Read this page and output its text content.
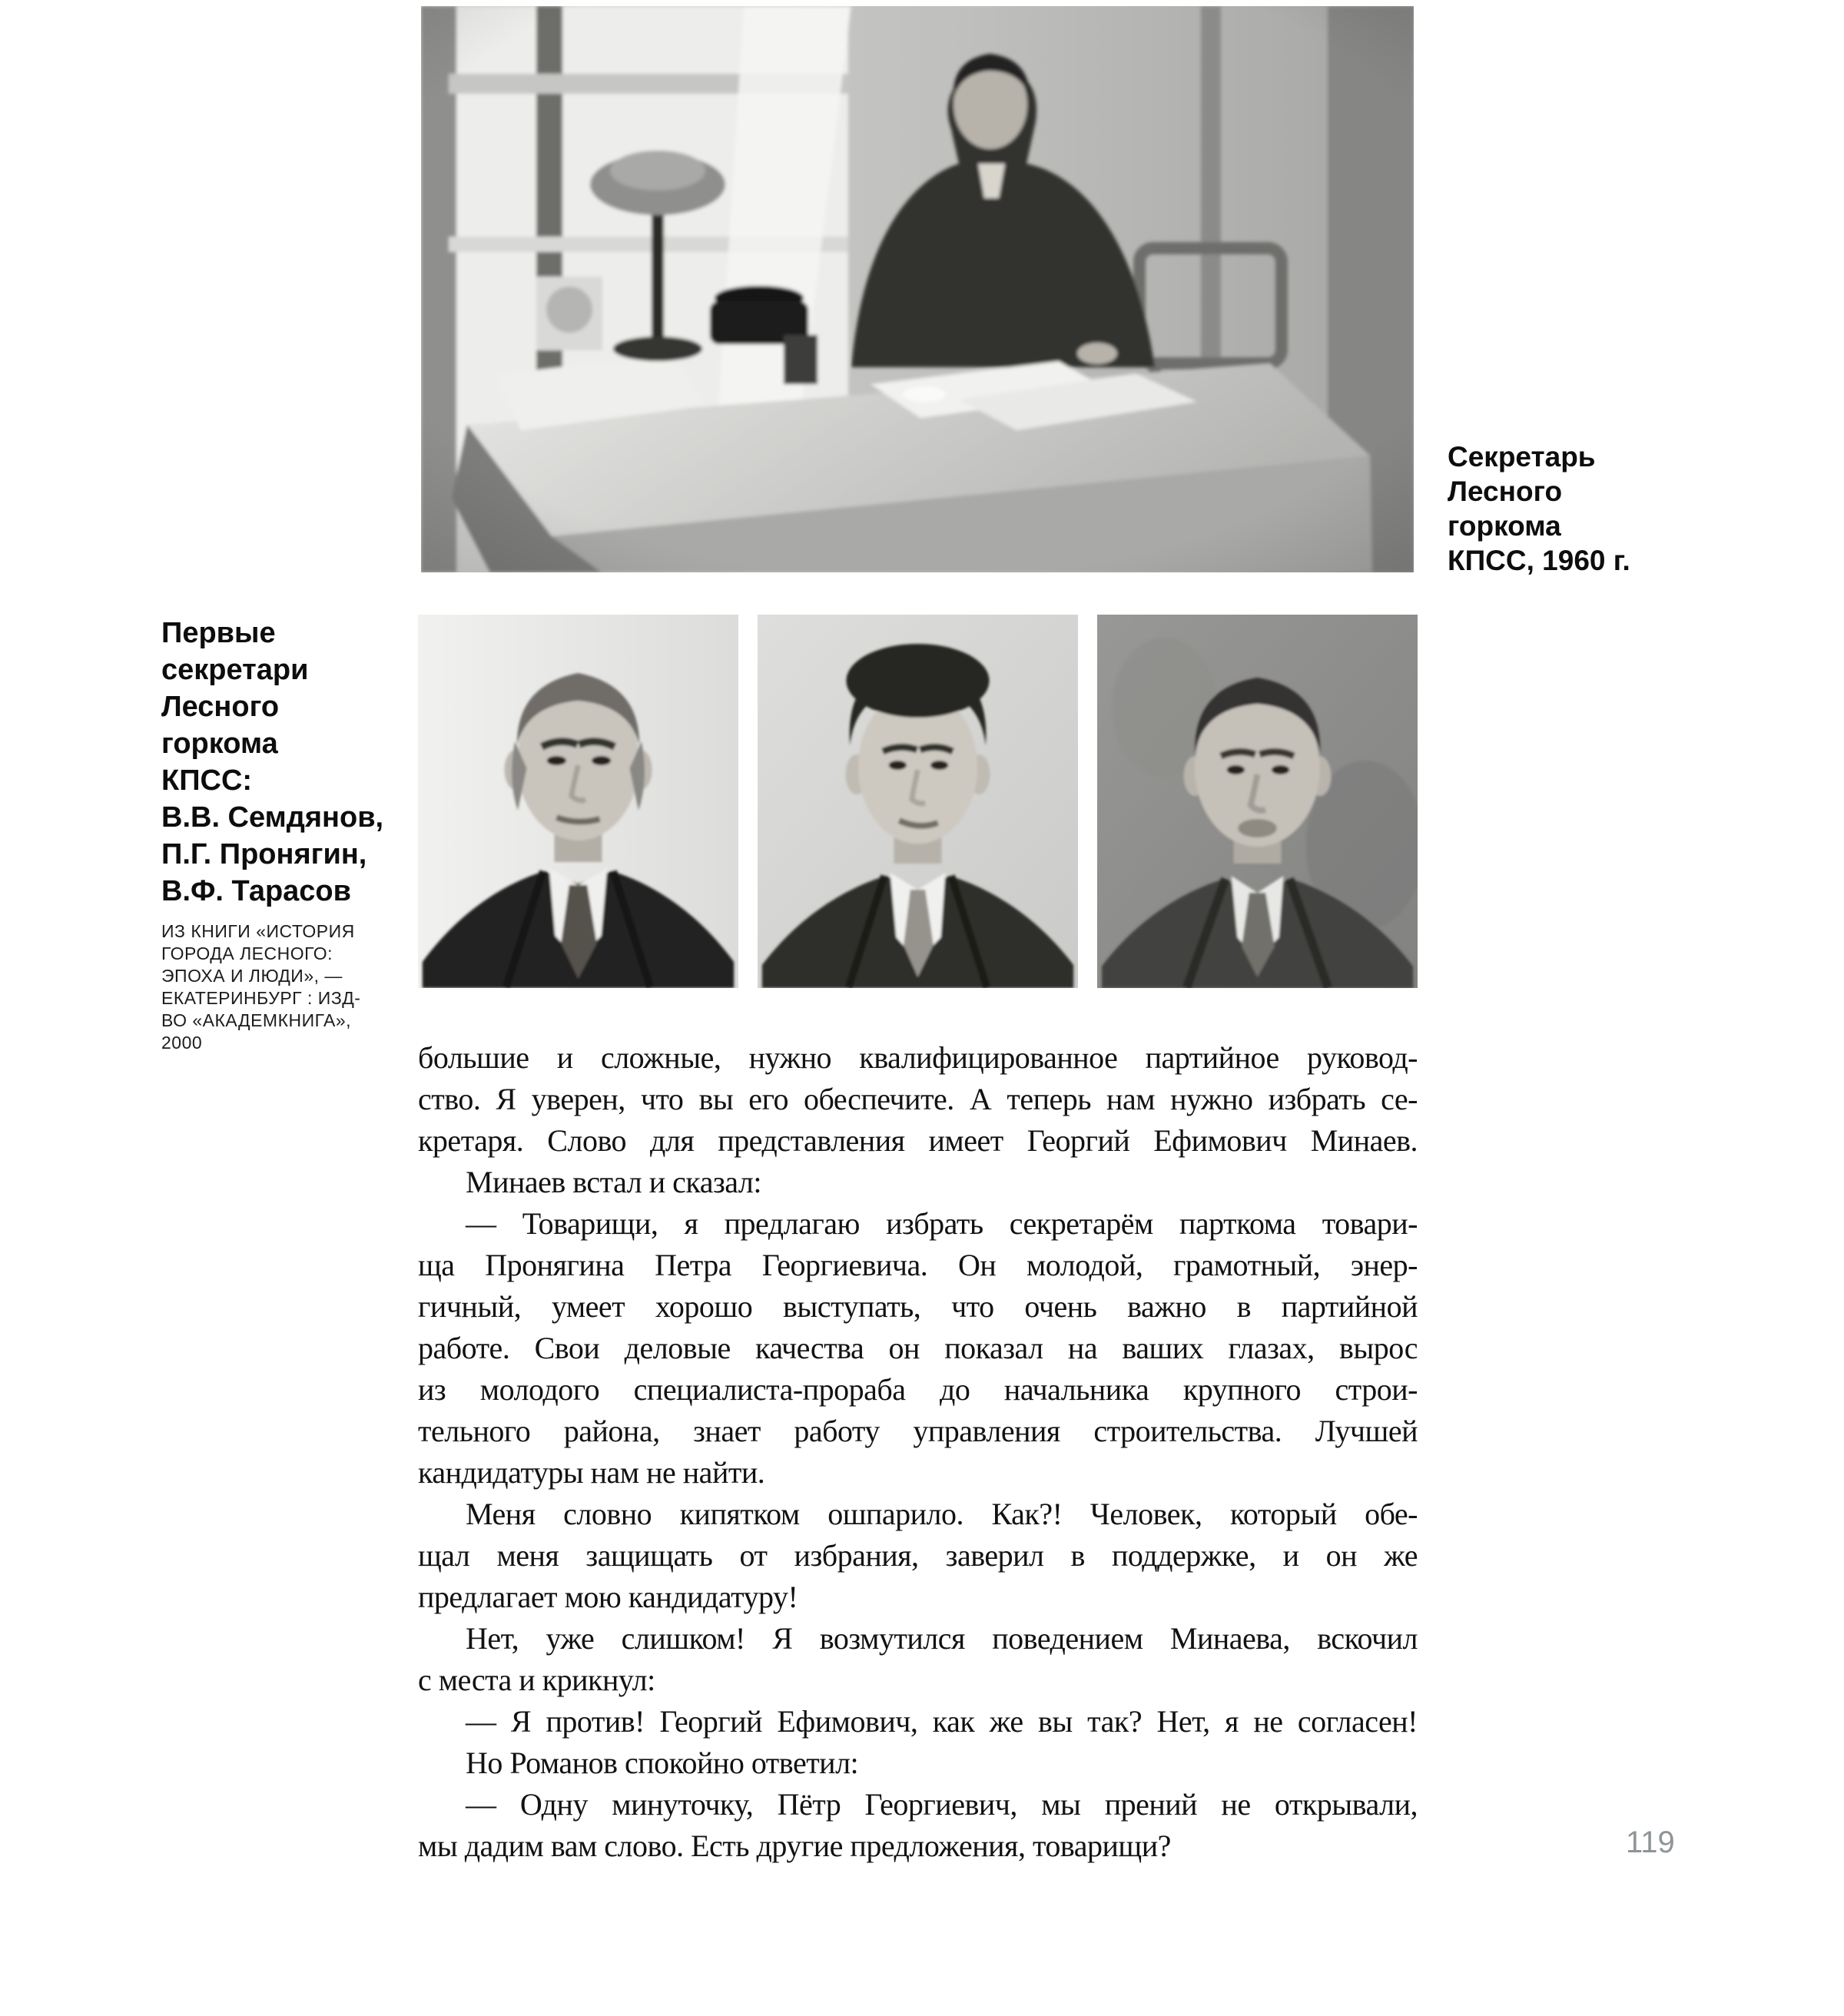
Секретарь
Лесного
горкома
КПСС, 1960 г.
Первые
секретари
Лесного
горкома
КПСС:
В.В. Семдянов,
П.Г. Пронягин,
В.Ф. Тарасов
ИЗ КНИГИ «ИСТОРИЯ
ГОРОДА ЛЕСНОГО:
ЭПОХА И ЛЮДИ», —
ЕКАТЕРИНБУРГ : ИЗД-
ВО «АКАДЕМКНИГА»,
2000	большие и сложные, нужно квалифицированное партийное руковод-
ство. Я уверен, что вы его обеспечите. А теперь нам нужно избрать се-
кретаря. Слово для представления имеет Георгий Ефимович Минаев.
Минаев встал и сказал:
— Товарищи, я предлагаю избрать секретарём парткома товари-
ща Пронягина Петра Георгиевича. Он молодой, грамотный, энер-
гичный, умеет хорошо выступать, что очень важно в партийной
работе. Свои деловые качества он показал на ваших глазах, вырос
из молодого специалиста-прораба до начальника крупного строи-
тельного района, знает работу управления строительства. Лучшей
кандидатуры нам не найти.
Меня словно кипятком ошпарило. Как?! Человек, который обе-
щал меня защищать от избрания, заверил в поддержке, и он же
предлагает мою кандидатуру!
Нет, уже слишком! Я возмутился поведением Минаева, вскочил
с места и крикнул:
— Я против! Георгий Ефимович, как же вы так? Нет, я не согласен!
Но Романов спокойно ответил:
— Одну минуточку, Пётр Георгиевич, мы прений не открывали,
мы дадим вам слово. Есть другие предложения, товарищи?	119
